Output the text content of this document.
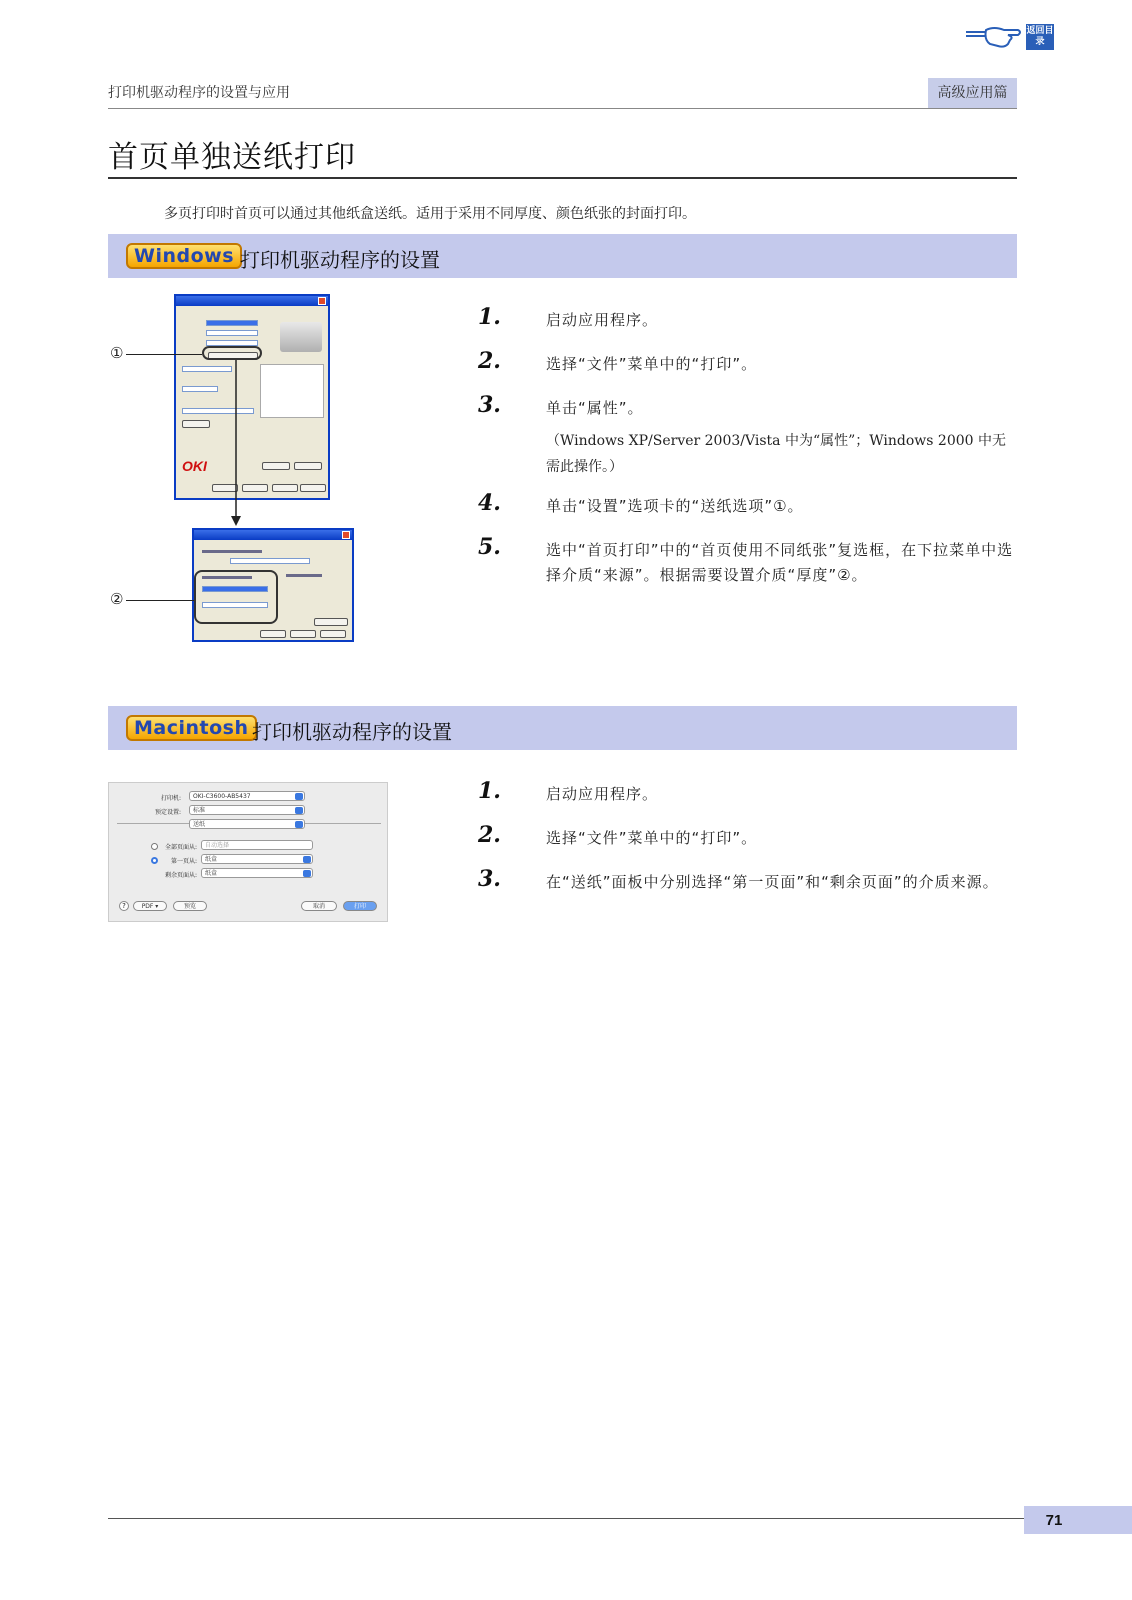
返回目录
打印机驱动程序的设置与应用	高级应用篇
首页单独送纸打印
多页打印时首页可以通过其他纸盒送纸。适用于采用不同厚度、颜色纸张的封面打印。
Windows 打印机驱动程序的设置
OKI
①
②
1.	启动应用程序。
2.	选择“文件”菜单中的“打印”。
3.	单击“属性”。
（Windows XP/Server 2003/Vista 中为“属性”；Windows 2000 中无需此操作。）
4.	单击“设置”选项卡的“送纸选项”①。
5.	选中“首页打印”中的“首页使用不同纸张”复选框，在下拉菜单中选择介质“来源”。根据需要设置介质“厚度”②。
Macintosh 打印机驱动程序的设置
打印机:	OKI-C3600-AB5437
预定设置:	标准
送纸
全部页面从:	自动选择
第一页从:	纸盒
剩余页面从:	纸盒
?	PDF ▾	预览	取消	打印
1.	启动应用程序。
2.	选择“文件”菜单中的“打印”。
3.	在“送纸”面板中分别选择“第一页面”和“剩余页面”的介质来源。
71
